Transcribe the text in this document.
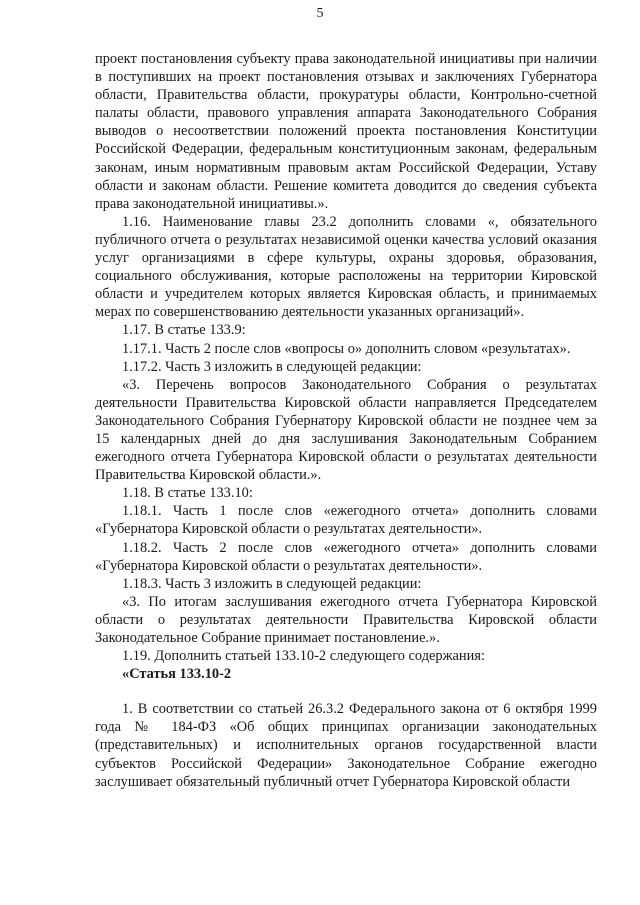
5

проект постановления субъекту права законодательной инициативы при наличии в поступивших на проект постановления отзывах и заключениях Губернатора области, Правительства области, прокуратуры области, Контрольно-счетной палаты области, правового управления аппарата Законодательного Собрания выводов о несоответствии положений проекта постановления Конституции Российской Федерации, федеральным конституционным законам, федеральным законам, иным нормативным правовым актам Российской Федерации, Уставу области и законам области. Решение комитета доводится до сведения субъекта права законодательной инициативы.».

1.16. Наименование главы 23.2 дополнить словами «, обязательного публичного отчета о результатах независимой оценки качества условий оказания услуг организациями в сфере культуры, охраны здоровья, образования, социального обслуживания, которые расположены на территории Кировской области и учредителем которых является Кировская область, и принимаемых мерах по совершенствованию деятельности указанных организаций».

1.17. В статье 133.9:

1.17.1. Часть 2 после слов «вопросы о» дополнить словом «результатах».

1.17.2. Часть 3 изложить в следующей редакции:

«3. Перечень вопросов Законодательного Собрания о результатах деятельности Правительства Кировской области направляется Председателем Законодательного Собрания Губернатору Кировской области не позднее чем за 15 календарных дней до дня заслушивания Законодательным Собранием ежегодного отчета Губернатора Кировской области о результатах деятельности Правительства Кировской области.».

1.18. В статье 133.10:

1.18.1. Часть 1 после слов «ежегодного отчета» дополнить словами «Губернатора Кировской области о результатах деятельности».

1.18.2. Часть 2 после слов «ежегодного отчета» дополнить словами «Губернатора Кировской области о результатах деятельности».

1.18.3. Часть 3 изложить в следующей редакции:

«3. По итогам заслушивания ежегодного отчета Губернатора Кировской области о результатах деятельности Правительства Кировской области Законодательное Собрание принимает постановление.».

1.19. Дополнить статьей 133.10-2 следующего содержания:

«Статья 133.10-2

1. В соответствии со статьей 26.3.2 Федерального закона от 6 октября 1999 года № 184-ФЗ «Об общих принципах организации законодательных (представительных) и исполнительных органов государственной власти субъектов Российской Федерации» Законодательное Собрание ежегодно заслушивает обязательный публичный отчет Губернатора Кировской области
